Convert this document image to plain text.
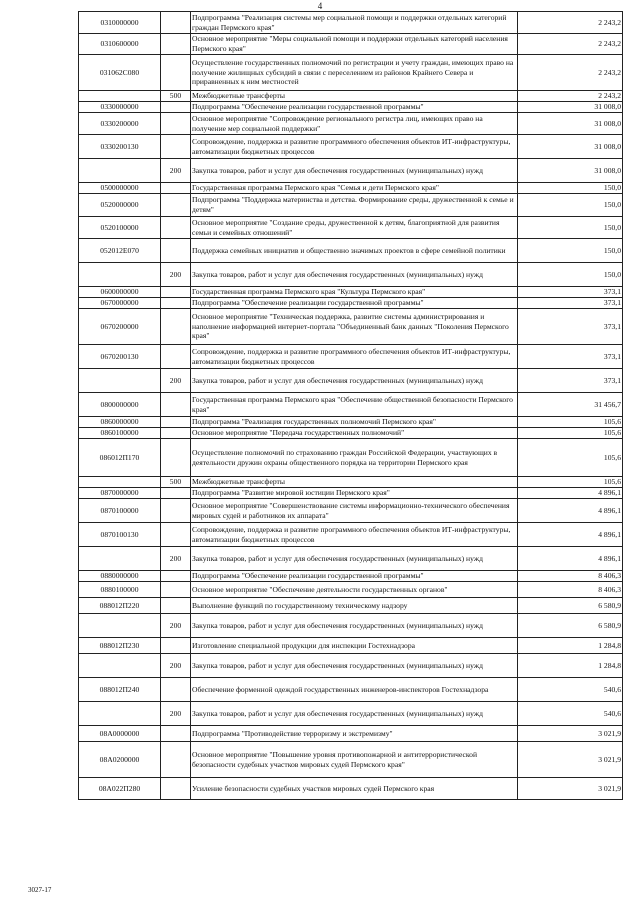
4
0310000000		Подпрограмма "Реализация системы мер социальной помощи и поддержки отдельных категорий граждан Пермского края"	2 243,2
0310600000		Основное мероприятие "Меры социальной помощи и поддержки отдельных категорий населения Пермского края"	2 243,2
031062С080		Осуществление государственных полномочий по регистрации и учету граждан, имеющих право на получение жилищных субсидий в связи с переселением из районов Крайнего Севера и приравненных к ним местностей	2 243,2
	500	Межбюджетные трансферты	2 243,2
0330000000		Подпрограмма "Обеспечение реализации государственной программы"	31 008,0
0330200000		Основное мероприятие "Сопровождение регионального регистра лиц, имеющих право на получение мер социальной поддержки"	31 008,0
0330200130		Сопровождение, поддержка и развитие программного обеспечения объектов ИТ-инфраструктуры, автоматизации бюджетных процессов	31 008,0
	200	Закупка товаров, работ и услуг для обеспечения государственных (муниципальных) нужд	31 008,0
0500000000		Государственная программа Пермского края "Семья и дети Пермского края"	150,0
0520000000		Подпрограмма "Поддержка материнства и детства. Формирование среды, дружественной к семье и детям"	150,0
0520100000		Основное мероприятие "Создание среды, дружественной к детям, благоприятной для развития семьи и семейных отношений"	150,0
052012Е070		Поддержка семейных инициатив и общественно значимых проектов в сфере семейной политики	150,0
	200	Закупка товаров, работ и услуг для обеспечения государственных (муниципальных) нужд	150,0
0600000000		Государственная программа Пермского края "Культура Пермского края"	373,1
0670000000		Подпрограмма "Обеспечение реализации государственной программы"	373,1
0670200000		Основное мероприятие "Техническая поддержка, развитие системы администрирования и наполнение информацией интернет-портала "Объединенный банк данных "Поколения Пермского края"	373,1
0670200130		Сопровождение, поддержка и развитие программного обеспечения объектов ИТ-инфраструктуры, автоматизации бюджетных процессов	373,1
	200	Закупка товаров, работ и услуг для обеспечения государственных (муниципальных) нужд	373,1
0800000000		Государственная программа Пермского края "Обеспечение общественной безопасности Пермского края"	31 456,7
0860000000		Подпрограмма "Реализация государственных полномочий Пермского края"	105,6
0860100000		Основное мероприятие "Передача государственных полномочий"	105,6
086012П170		Осуществление полномочий по страхованию граждан Российской Федерации, участвующих в деятельности дружин охраны общественного порядка на территории Пермского края	105,6
	500	Межбюджетные трансферты	105,6
0870000000		Подпрограмма "Развитие мировой юстиции Пермского края"	4 896,1
0870100000		Основное мероприятие "Совершенствование системы информационно-технического обеспечения мировых судей и работников их аппарата"	4 896,1
0870100130		Сопровождение, поддержка и развитие программного обеспечения объектов ИТ-инфраструктуры, автоматизации бюджетных процессов	4 896,1
	200	Закупка товаров, работ и услуг для обеспечения государственных (муниципальных) нужд	4 896,1
0880000000		Подпрограмма "Обеспечение реализации государственной программы"	8 406,3
0880100000		Основное мероприятие "Обеспечение деятельности государственных органов"	8 406,3
088012П220		Выполнение функций по государственному техническому надзору	6 580,9
	200	Закупка товаров, работ и услуг для обеспечения государственных (муниципальных) нужд	6 580,9
088012П230		Изготовление специальной продукции для инспекции Гостехнадзора	1 284,8
	200	Закупка товаров, работ и услуг для обеспечения государственных (муниципальных) нужд	1 284,8
088012П240		Обеспечение форменной одеждой государственных инженеров-инспекторов Гостехнадзора	540,6
	200	Закупка товаров, работ и услуг для обеспечения государственных (муниципальных) нужд	540,6
08А0000000		Подпрограмма "Противодействие терроризму и экстремизму"	3 021,9
08А0200000		Основное мероприятие "Повышение уровня противопожарной и антитеррористической безопасности судебных участков мировых судей Пермского края"	3 021,9
08А022П280		Усиление безопасности судебных участков мировых судей Пермского края	3 021,9
3027-17
